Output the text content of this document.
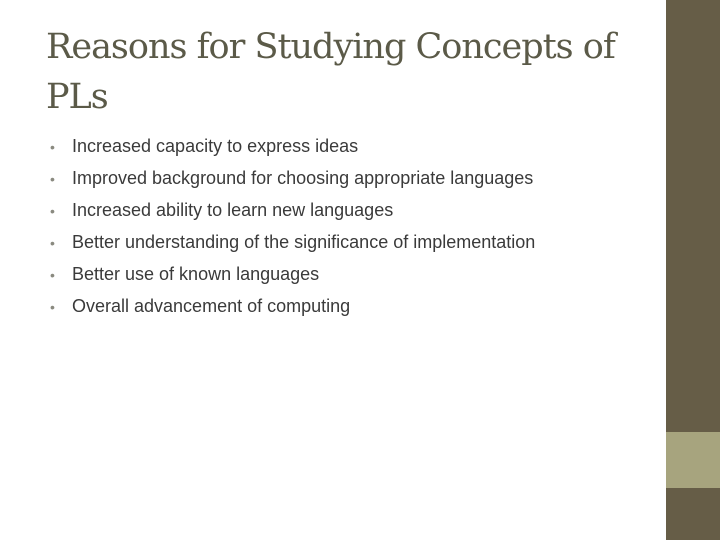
Reasons for Studying Concepts of PLs
• Increased capacity to express ideas
• Improved background for choosing appropriate languages
• Increased ability to learn new languages
• Better understanding of the significance of implementation
• Better use of known languages
• Overall advancement of computing
